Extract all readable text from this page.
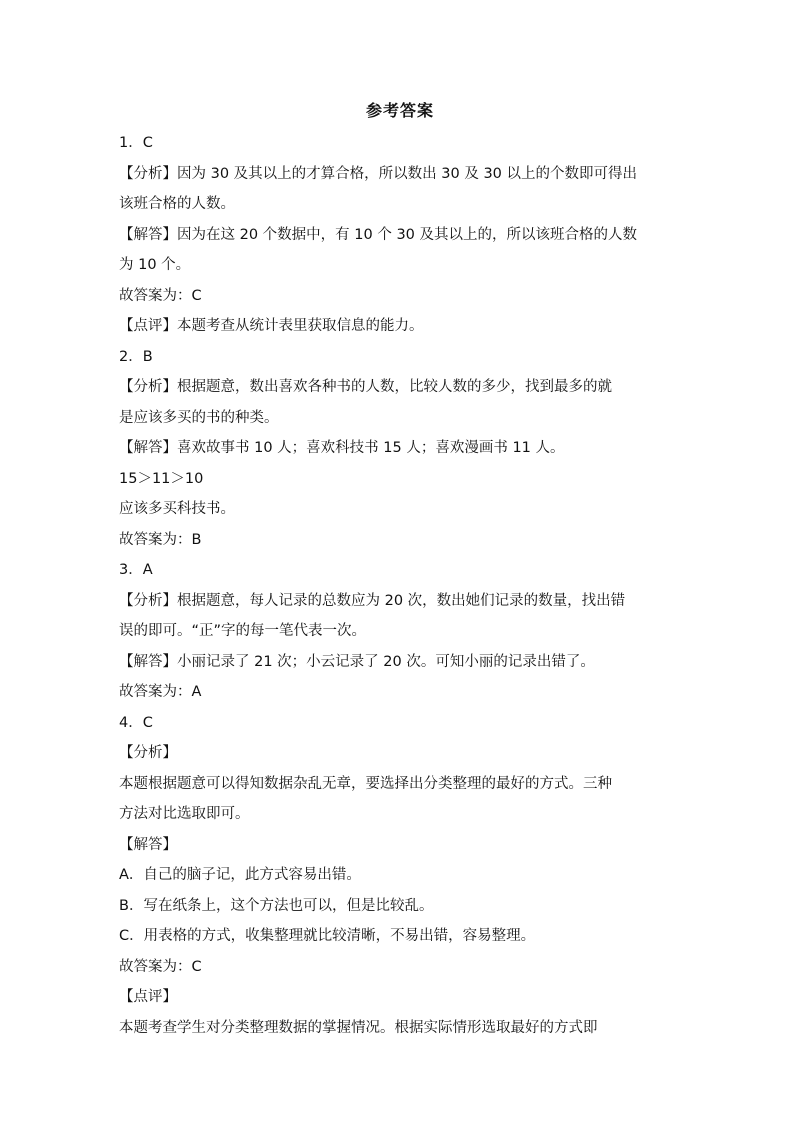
参考答案
1．C
【分析】因为 30 及其以上的才算合格，所以数出 30 及 30 以上的个数即可得出
该班合格的人数。
【解答】因为在这 20 个数据中，有 10 个 30 及其以上的，所以该班合格的人数
为 10 个。
故答案为：C
【点评】本题考查从统计表里获取信息的能力。
2．B
【分析】根据题意，数出喜欢各种书的人数，比较人数的多少，找到最多的就
是应该多买的书的种类。
【解答】喜欢故事书 10 人；喜欢科技书 15 人；喜欢漫画书 11 人。
15＞11＞10
应该多买科技书。
故答案为：B
3．A
【分析】根据题意，每人记录的总数应为 20 次，数出她们记录的数量，找出错
误的即可。“正”字的每一笔代表一次。
【解答】小丽记录了 21 次；小云记录了 20 次。可知小丽的记录出错了。
故答案为：A
4．C
【分析】
本题根据题意可以得知数据杂乱无章，要选择出分类整理的最好的方式。三种
方法对比选取即可。
【解答】
A．自己的脑子记，此方式容易出错。
B．写在纸条上，这个方法也可以，但是比较乱。
C．用表格的方式，收集整理就比较清晰，不易出错，容易整理。
故答案为：C
【点评】
本题考查学生对分类整理数据的掌握情况。根据实际情形选取最好的方式即
